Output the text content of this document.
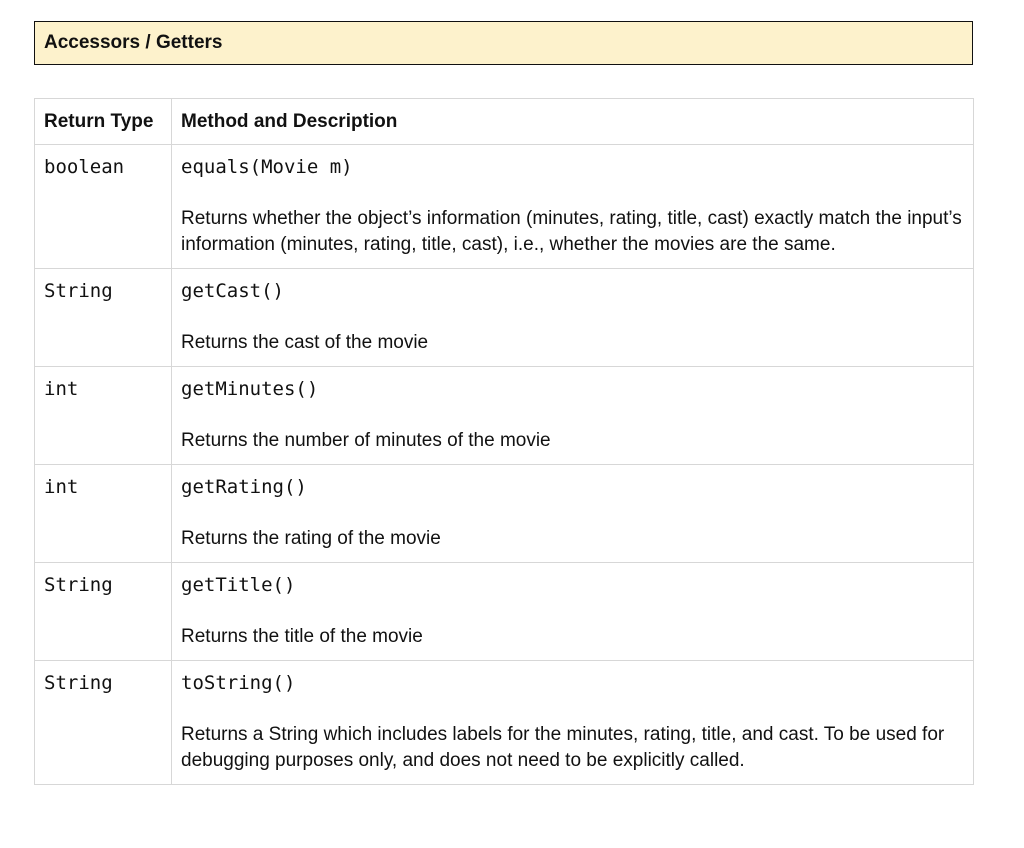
Accessors / Getters
Return Type	Method and Description
boolean	equals(Movie m)
Returns whether the object’s information (minutes, rating, title, cast) exactly match the input’s information (minutes, rating, title, cast), i.e., whether the movies are the same.

String	getCast()
Returns the cast of the movie

int	getMinutes()
Returns the number of minutes of the movie

int	getRating()
Returns the rating of the movie

String	getTitle()
Returns the title of the movie

String	toString()
Returns a String which includes labels for the minutes, rating, title, and cast. To be used for debugging purposes only, and does not need to be explicitly called.
